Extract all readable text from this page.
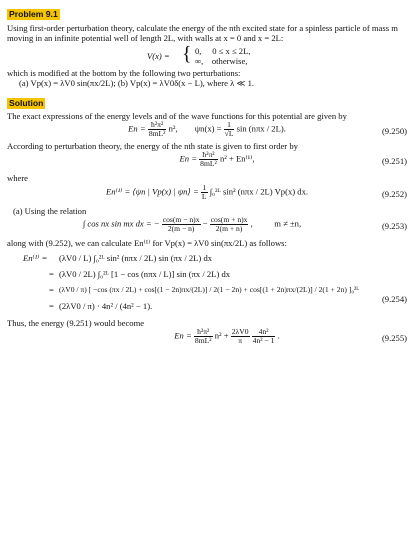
Problem 9.1

Using first-order perturbation theory, calculate the energy of the nth excited state for a spinless particle of mass m moving in an infinite potential well of length 2L, with walls at x = 0 and x = 2L:

V(x) = { 0,     0 ≤ x ≤ 2L,
∞,    otherwise,

which is modified at the bottom by the following two perturbations:

(a) Vp(x) = λV0 sin(πx/2L); (b) Vp(x) = λV0δ(x − L), where λ ≪ 1.

Solution

The exact expressions of the energy levels and of the wave functions for this potential are given by

$En = \frac{\text{ħ²π²}}{\text{8mL²}} n^2$,        $\psi n(x) = \frac{1}{√L}$ sin (nπx / 2L).	(9.250)

According to perturbation theory, the energy of the nth state is given to first order by

$En = \frac{\text{ħ²π²}}{\text{8mL²}} n^2 + En^{(1)}$,	(9.251)

where

En⁽¹⁾ = ⟨ψn | Vp(x) | ψn⟩ = $\frac{1}{L}$ ∫₀²ᴸ sin² (nπx / 2L) Vp(x) dx.	(9.252)

(a) Using the relation

∫ cos nx sin mx dx = − $\frac{\cos(m - n)x}{2(m - n)} - \frac{\cos(m + n)x}{2(m + n)}$ ,          m ≠ ±n,	(9.253)

along with (9.252), we can calculate En⁽¹⁾ for Vp(x) = λV0 sin(πx/2L) as follows:

En⁽¹⁾ = (λV0 / L) ∫₀²ᴸ sin² (nπx / 2L) sin (πx / 2L) dx
= (λV0 / 2L) ∫₀²ᴸ [1 − cos (nπx / L)] sin (πx / 2L) dx
= (λV0 / π) [ −cos (πx / 2L) + cos[(1 − 2n)πx/(2L)] / 2(1 − 2n) + cos[(1 + 2n)πx/(2L)] / 2(1 + 2n) ]₀²ᴸ
= (2λV0 / π) · 4n² / (4n² − 1).
(9.254)

Thus, the energy (9.251) would become

$En = \frac{\text{ħ²π²}}{\text{8mL²}} n^2 + \frac{2\lambda V0}{\pi}$
$\frac{\text{4n²}}{\text{4n² − 1}}$ .	(9.255)
